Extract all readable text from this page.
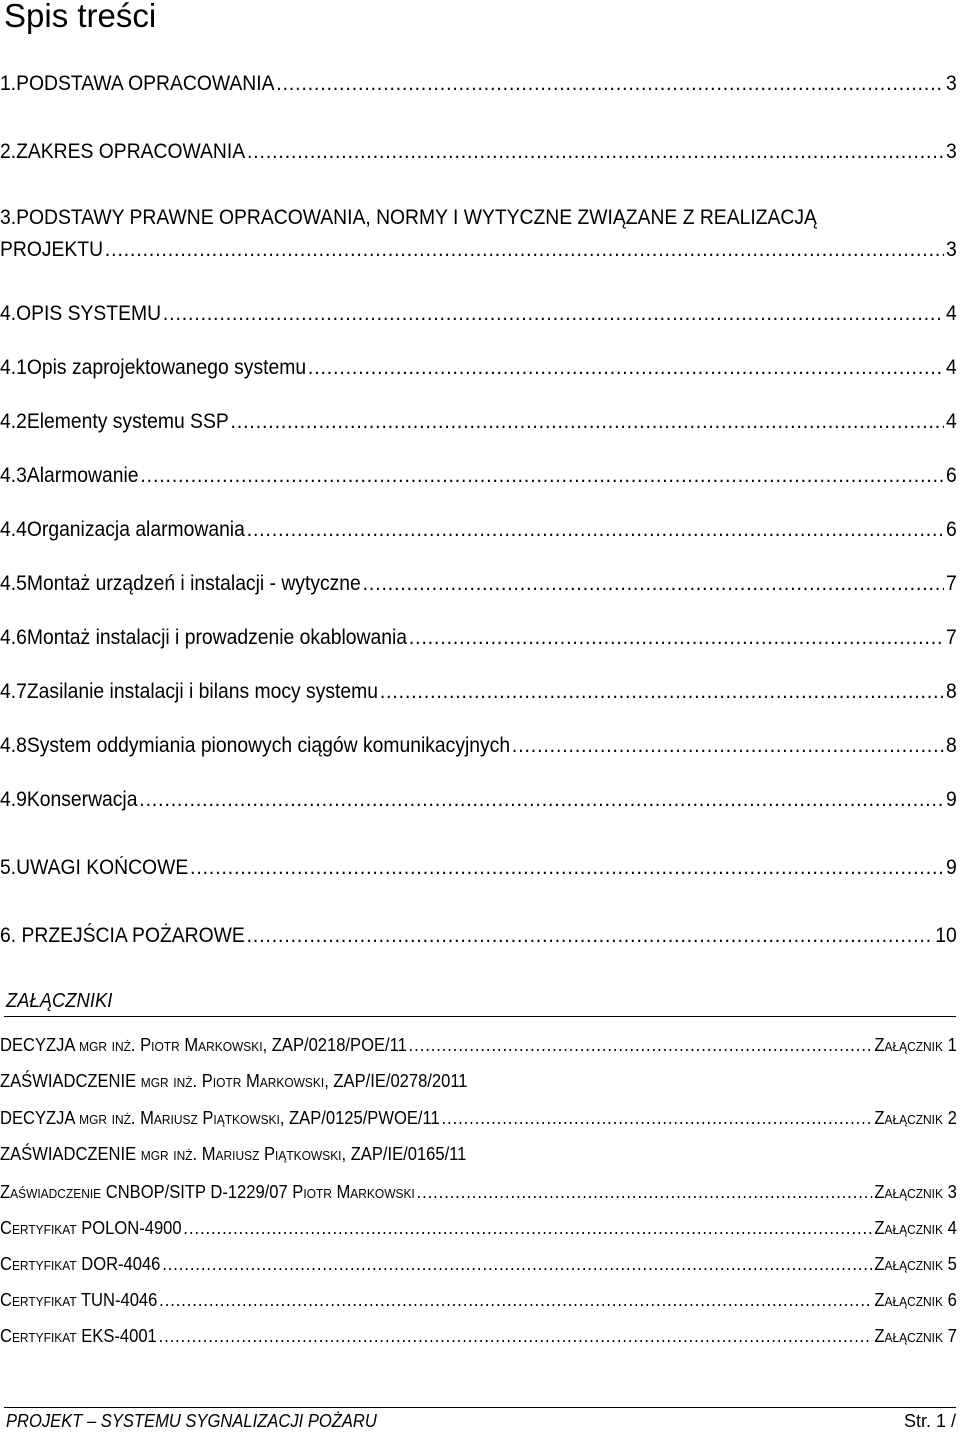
Spis treści
1.PODSTAWA OPRACOWANIA .....	3
2.ZAKRES OPRACOWANIA .....	3
3.PODSTAWY PRAWNE OPRACOWANIA, NORMY I WYTYCZNE ZWIĄZANE Z REALIZACJĄ
PROJEKTU .....	3
4.OPIS SYSTEMU .....	4
4.1Opis zaprojektowanego systemu .....	4
4.2Elementy systemu SSP .....	4
4.3Alarmowanie .....	6
4.4Organizacja alarmowania .....	6
4.5Montaż urządzeń i instalacji - wytyczne .....	7
4.6Montaż instalacji i prowadzenie okablowania .....	7
4.7Zasilanie instalacji i bilans mocy systemu .....	8
4.8System oddymiania pionowych ciągów komunikacyjnych .....	8
4.9Konserwacja .....	9
5.UWAGI KOŃCOWE .....	9
6. PRZEJŚCIA POŻAROWE .....	10
ZAŁĄCZNIKI
DECYZJA mgr inż. Piotr Markowski, ZAP/0218/POE/11 .....	Załącznik 1
ZAŚWIADCZENIE mgr inż. Piotr Markowski, ZAP/IE/0278/2011
DECYZJA mgr inż. Mariusz Piątkowski, ZAP/0125/PWOE/11 .....	Załącznik 2
ZAŚWIADCZENIE mgr inż. Mariusz Piątkowski, ZAP/IE/0165/11
Zaświadczenie CNBOP/SITP D-1229/07 Piotr Markowski .....	Załącznik 3
Certyfikat POLON-4900 .....	Załącznik 4
Certyfikat DOR-4046 .....	Załącznik 5
Certyfikat TUN-4046 .....	Załącznik 6
Certyfikat EKS-4001 .....	Załącznik 7
PROJEKT – SYSTEMU SYGNALIZACJI POŻARU	Str. 1 /
